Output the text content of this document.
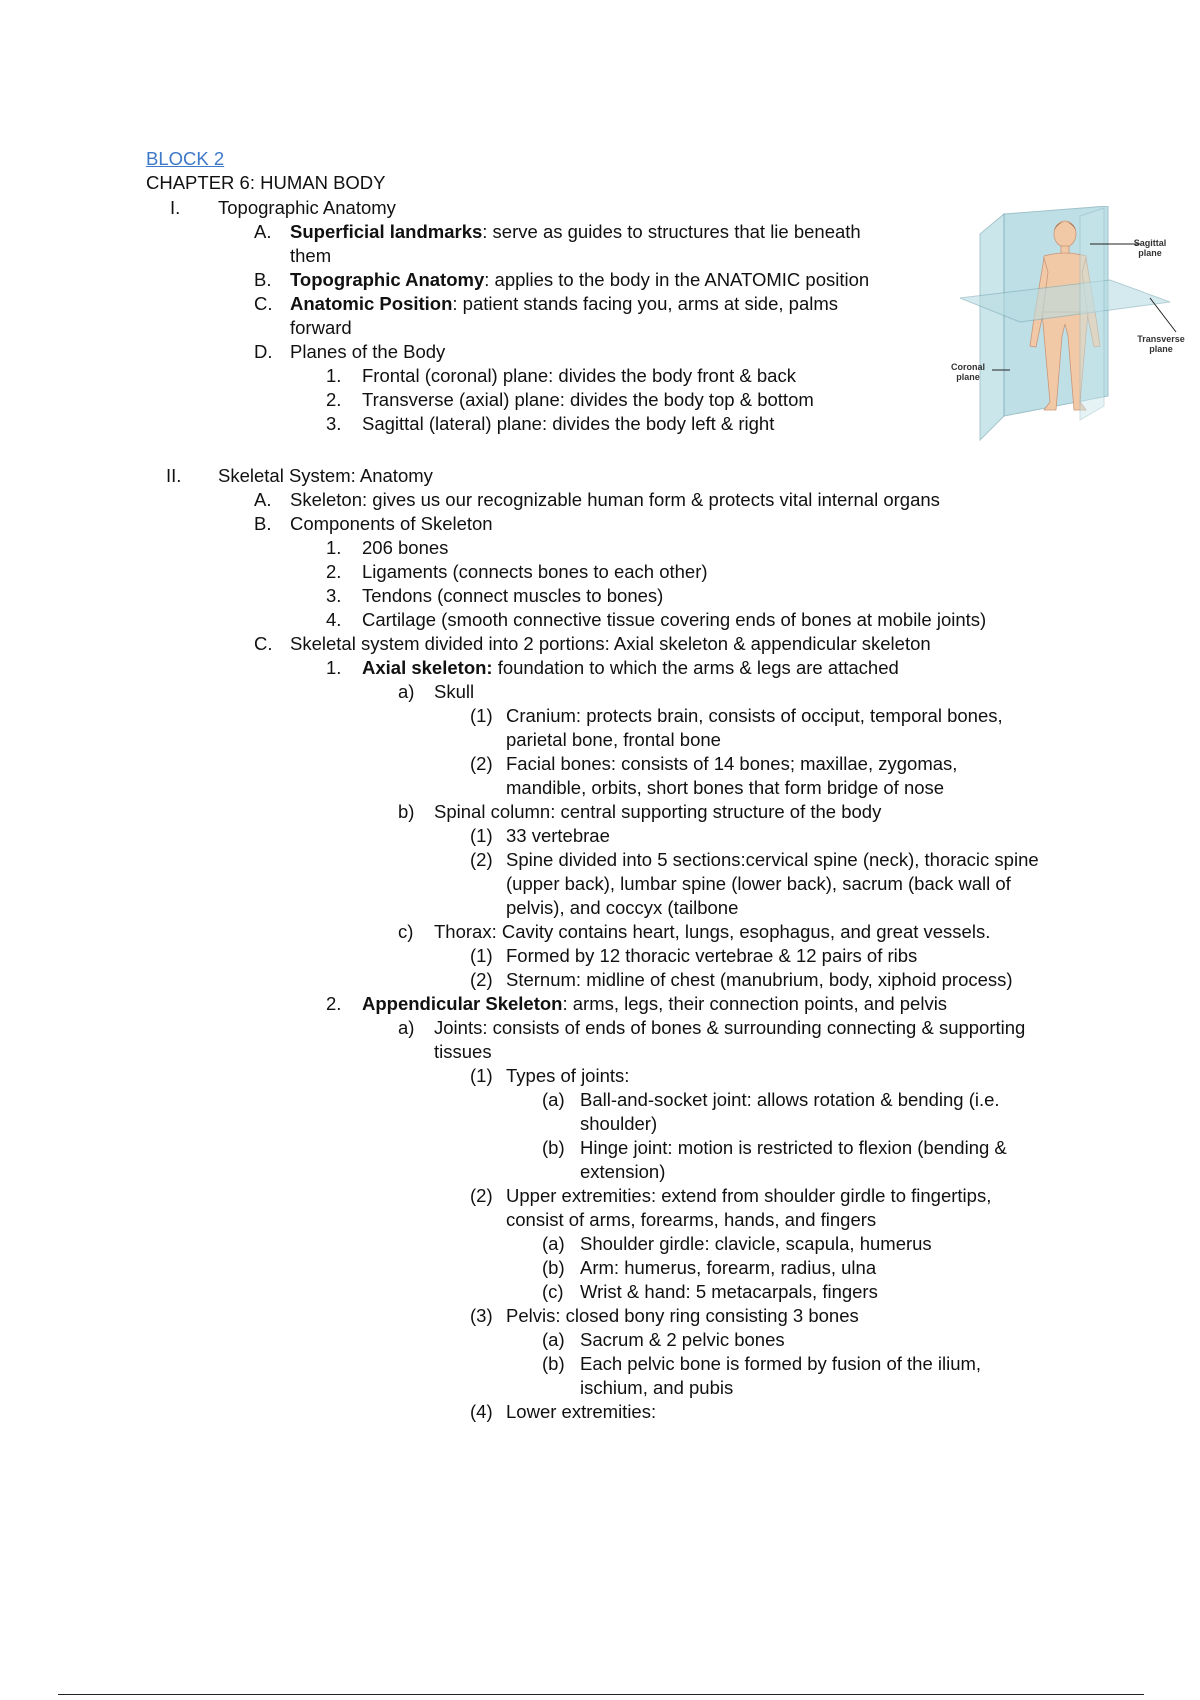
BLOCK 2
CHAPTER 6: HUMAN BODY
I. Topographic Anatomy
A. Superficial landmarks: serve as guides to structures that lie beneath
them
B. Topographic Anatomy: applies to the body in the ANATOMIC position
C. Anatomic Position: patient stands facing you, arms at side, palms
forward
D. Planes of the Body
1. Frontal (coronal) plane: divides the body front & back
2. Transverse (axial) plane: divides the body top & bottom
3. Sagittal (lateral) plane: divides the body left & right
Sagittal
plane
Transverse
plane
Coronal
plane
II. Skeletal System: Anatomy
A. Skeleton: gives us our recognizable human form & protects vital internal organs
B. Components of Skeleton
1. 206 bones
2. Ligaments (connects bones to each other)
3. Tendons (connect muscles to bones)
4. Cartilage (smooth connective tissue covering ends of bones at mobile joints)
C. Skeletal system divided into 2 portions: Axial skeleton & appendicular skeleton
1. Axial skeleton: foundation to which the arms & legs are attached
a) Skull
(1) Cranium: protects brain, consists of occiput, temporal bones,
parietal bone, frontal bone
(2) Facial bones: consists of 14 bones; maxillae, zygomas,
mandible, orbits, short bones that form bridge of nose
b) Spinal column: central supporting structure of the body
(1) 33 vertebrae
(2) Spine divided into 5 sections:cervical spine (neck), thoracic spine
(upper back), lumbar spine (lower back), sacrum (back wall of
pelvis), and coccyx (tailbone
c) Thorax: Cavity contains heart, lungs, esophagus, and great vessels.
(1) Formed by 12 thoracic vertebrae & 12 pairs of ribs
(2) Sternum: midline of chest (manubrium, body, xiphoid process)
2. Appendicular Skeleton: arms, legs, their connection points, and pelvis
a) Joints: consists of ends of bones & surrounding connecting & supporting
tissues
(1) Types of joints:
(a) Ball-and-socket joint: allows rotation & bending (i.e.
shoulder)
(b) Hinge joint: motion is restricted to flexion (bending &
extension)
(2) Upper extremities: extend from shoulder girdle to fingertips,
consist of arms, forearms, hands, and fingers
(a) Shoulder girdle: clavicle, scapula, humerus
(b) Arm: humerus, forearm, radius, ulna
(c) Wrist & hand: 5 metacarpals, fingers
(3) Pelvis: closed bony ring consisting 3 bones
(a) Sacrum & 2 pelvic bones
(b) Each pelvic bone is formed by fusion of the ilium,
ischium, and pubis
(4) Lower extremities:
